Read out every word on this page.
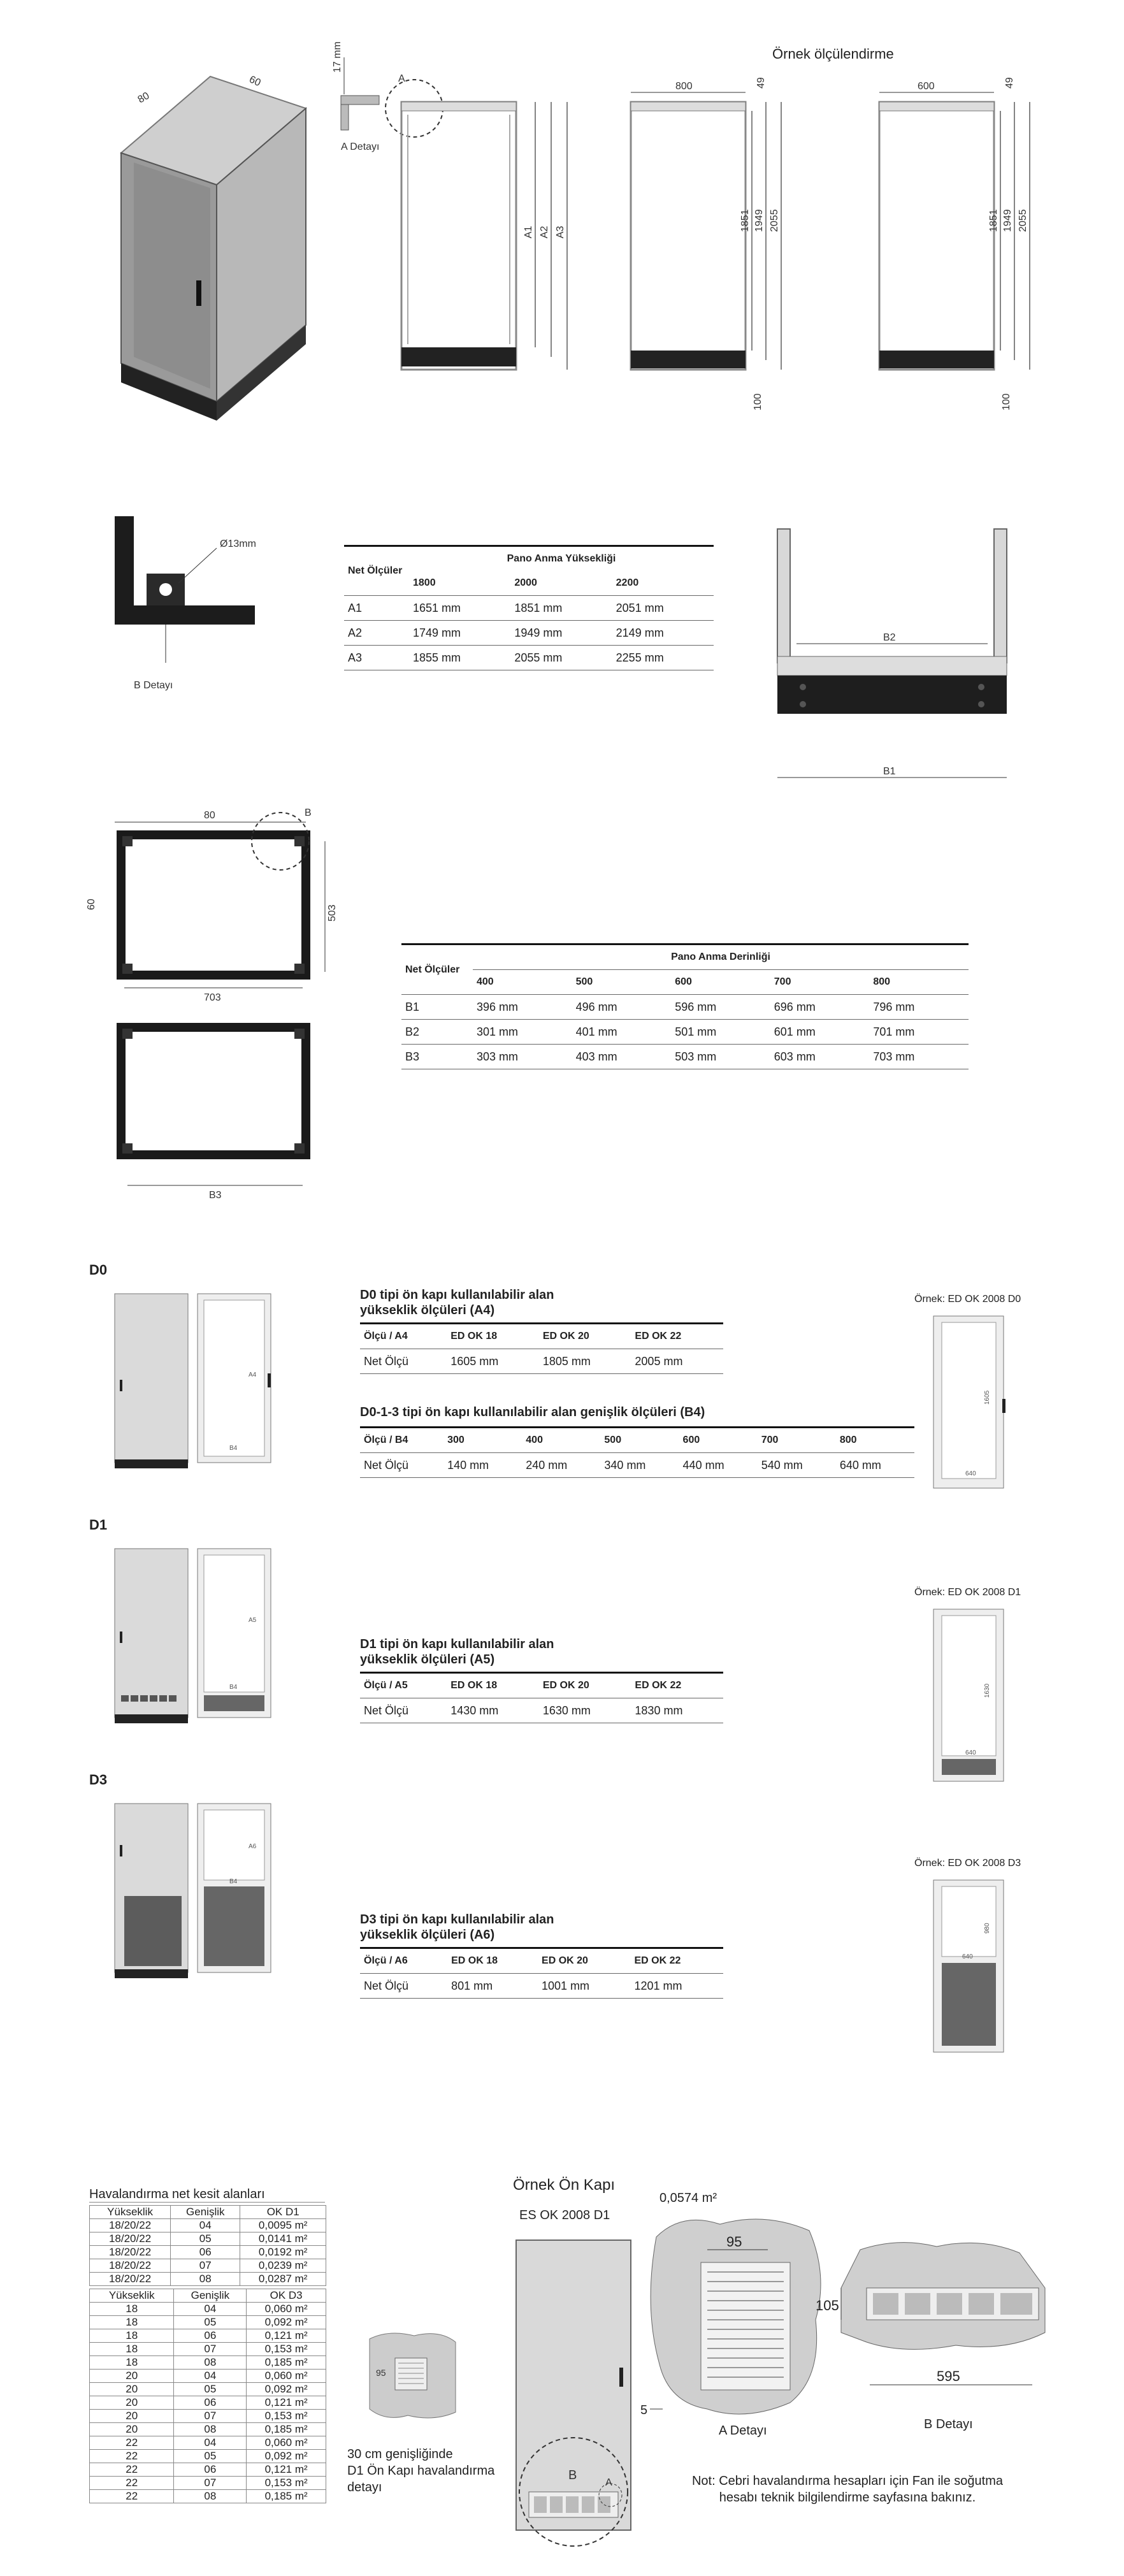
Örnek ölçülendirme
80
60
17 mm
A
A Detayı
A1 A2 A3
800	49
1851 1949 2055
100
600	49
1851 1949 2055
100
Ø13mm
B Detayı
Net Ölçüler	Pano Anma Yüksekliği		
	1800	2000	2200
A1	1651 mm	1851 mm	2051 mm
A2	1749 mm	1949 mm	2149 mm
A3	1855 mm	2055 mm	2255 mm
B2
B1
80
60
B
503
703
B3
Net Ölçüler	Pano Anma Derinliği				
	400	500	600	700	800
B1	396 mm	496 mm	596 mm	696 mm	796 mm
B2	301 mm	401 mm	501 mm	601 mm	701 mm
B3	303 mm	403 mm	503 mm	603 mm	703 mm
D0
A4
B4
D0 tipi ön kapı kullanılabilir alan
yükseklik ölçüleri (A4)
Ölçü / A4	ED OK 18	ED OK 20	ED OK 22
Net Ölçü	1605 mm	1805 mm	2005 mm
D0-1-3 tipi ön kapı kullanılabilir alan genişlik ölçüleri (B4)
Ölçü / B4	300	400	500	600	700	800
Net Ölçü	140 mm	240 mm	340 mm	440 mm	540 mm	640 mm
Örnek: ED OK 2008 D0
1605
640
D1
A5
B4
D1 tipi ön kapı kullanılabilir alan
yükseklik ölçüleri (A5)
Ölçü / A5	ED OK 18	ED OK 20	ED OK 22
Net Ölçü	1430 mm	1630 mm	1830 mm
Örnek: ED OK 2008 D1
1630
640
D3
A6
B4
D3 tipi ön kapı kullanılabilir alan
yükseklik ölçüleri (A6)
Ölçü / A6	ED OK 18	ED OK 20	ED OK 22
Net Ölçü	801 mm	1001 mm	1201 mm
Örnek: ED OK 2008 D3
980
640
Havalandırma net kesit alanları
Yükseklik	Genişlik	OK D1
18/20/22	04	0,0095 m²
18/20/22	05	0,0141 m²
18/20/22	06	0,0192 m²
18/20/22	07	0,0239 m²
18/20/22	08	0,0287 m²
Yükseklik	Genişlik	OK D3
18	04	0,060 m²
18	05	0,092 m²
18	06	0,121 m²
18	07	0,153 m²
18	08	0,185 m²
20	04	0,060 m²
20	05	0,092 m²
20	06	0,121 m²
20	07	0,153 m²
20	08	0,185 m²
22	04	0,060 m²
22	05	0,092 m²
22	06	0,121 m²
22	07	0,153 m²
22	08	0,185 m²
95
30 cm genişliğinde
D1 Ön Kapı havalandırma
detayı
Örnek Ön Kapı
ES OK 2008 D1
0,0574 m²
B
A
95
5
A Detayı
105
595
B Detayı
Not: Cebri havalandırma hesapları için Fan ile soğutma
hesabı teknik bilgilendirme sayfasına bakınız.
